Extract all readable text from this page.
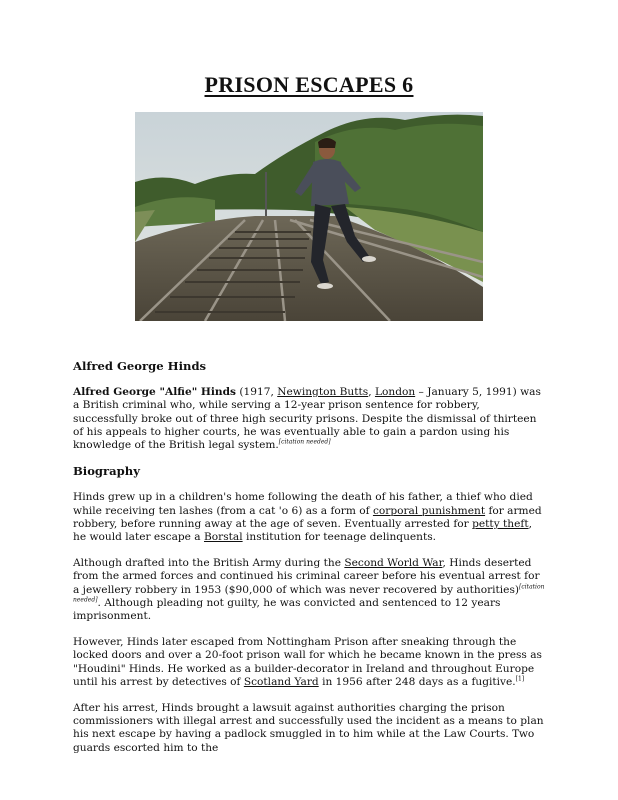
PRISON ESCAPES 6
Alfred George Hinds

Alfred George "Alfie" Hinds (1917, Newington Butts, London – January 5, 1991) was a British criminal who, while serving a 12-year prison sentence for robbery, successfully broke out of three high security prisons. Despite the dismissal of thirteen of his appeals to higher courts, he was eventually able to gain a pardon using his knowledge of the British legal system.[citation needed]

Biography

Hinds grew up in a children's home following the death of his father, a thief who died while receiving ten lashes (from a cat 'o 6) as a form of corporal punishment for armed robbery, before running away at the age of seven. Eventually arrested for petty theft, he would later escape a Borstal institution for teenage delinquents.

Although drafted into the British Army during the Second World War, Hinds deserted from the armed forces and continued his criminal career before his eventual arrest for a jewellery robbery in 1953 ($90,000 of which was never recovered by authorities)[citation needed]. Although pleading not guilty, he was convicted and sentenced to 12 years imprisonment.

However, Hinds later escaped from Nottingham Prison after sneaking through the locked doors and over a 20-foot prison wall for which he became known in the press as "Houdini" Hinds. He worked as a builder-decorator in Ireland and throughout Europe until his arrest by detectives of Scotland Yard in 1956 after 248 days as a fugitive.[1]

After his arrest, Hinds brought a lawsuit against authorities charging the prison commissioners with illegal arrest and successfully used the incident as a means to plan his next escape by having a padlock smuggled in to him while at the Law Courts. Two guards escorted him to the
